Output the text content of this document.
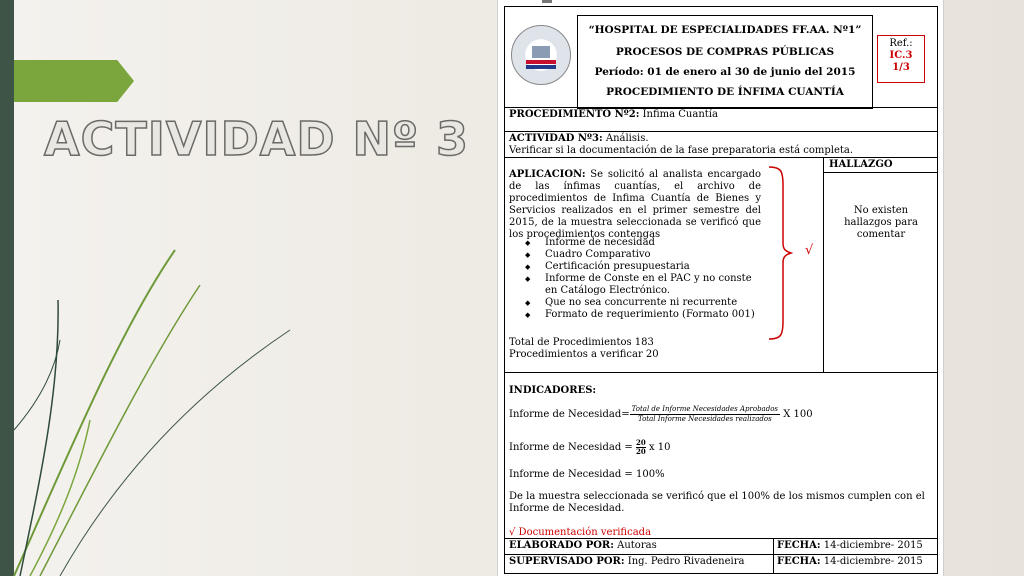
ACTIVIDAD Nº 3
“HOSPITAL DE ESPECIALIDADES FF.AA. Nº1”
PROCESOS DE COMPRAS PÚBLICAS
Período: 01 de enero al 30 de junio del 2015
PROCEDIMIENTO DE ÍNFIMA CUANTÍA
Ref.:
IC.3
1/3
PROCEDIMIENTO Nº2: Infima Cuantía
ACTIVIDAD Nº3: Análisis.
Verificar si la documentación de la fase preparatoria está completa.
HALLAZGO
No existen hallazgos para comentar
APLICACION: Se solicitó al analista encargado de las ínfimas cuantías, el archivo de procedimientos de Infima Cuantía de Bienes y Servicios realizados en el primer semestre del 2015, de la muestra seleccionada se verificó que los procedimientos contengas
◆ Informe de necesidad
◆ Cuadro Comparativo
◆ Certificación presupuestaria
◆ Informe de Conste en el PAC y no conste en Catálogo Electrónico.
◆ Que no sea concurrente ni recurrente
◆ Formato de requerimiento (Formato 001)
√
Total de Procedimientos 183
Procedimientos a verificar 20
INDICADORES:
Informe de Necesidad= $\frac{\text{Total de Informe Necesidades Aprobados}}{\text{Total Informe Necesidades realizados}}$ X 100
Informe de Necesidad = $\frac{20}{20}$ x 10
Informe de Necesidad = 100%
De la muestra seleccionada se verificó que el 100% de los mismos cumplen con el Informe de Necesidad.
√ Documentación verificada
ELABORADO POR: Autoras	FECHA: 14-diciembre- 2015
SUPERVISADO POR: Ing. Pedro Rivadeneira	FECHA: 14-diciembre- 2015
